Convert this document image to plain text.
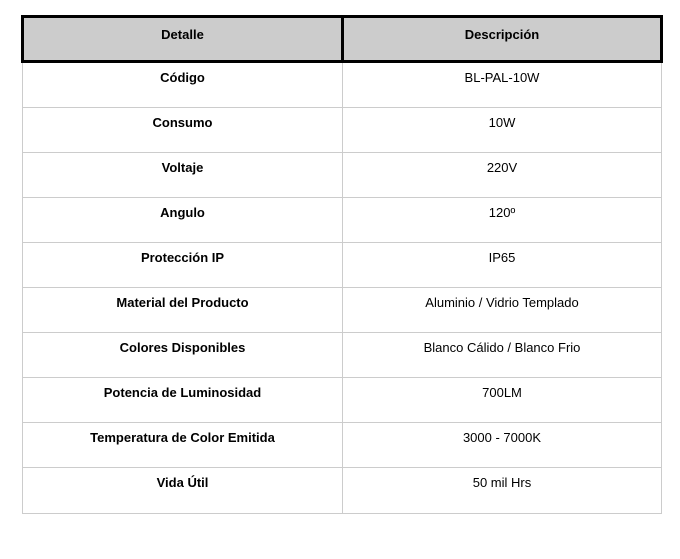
Detalle	Descripción
Código	BL-PAL-10W
Consumo	10W
Voltaje	220V
Angulo	120º
Protección IP	IP65
Material del Producto	Aluminio / Vidrio Templado
Colores Disponibles	Blanco Cálido / Blanco Frio
Potencia de Luminosidad	700LM
Temperatura de Color Emitida	3000 - 7000K
Vida Útil	50 mil Hrs
